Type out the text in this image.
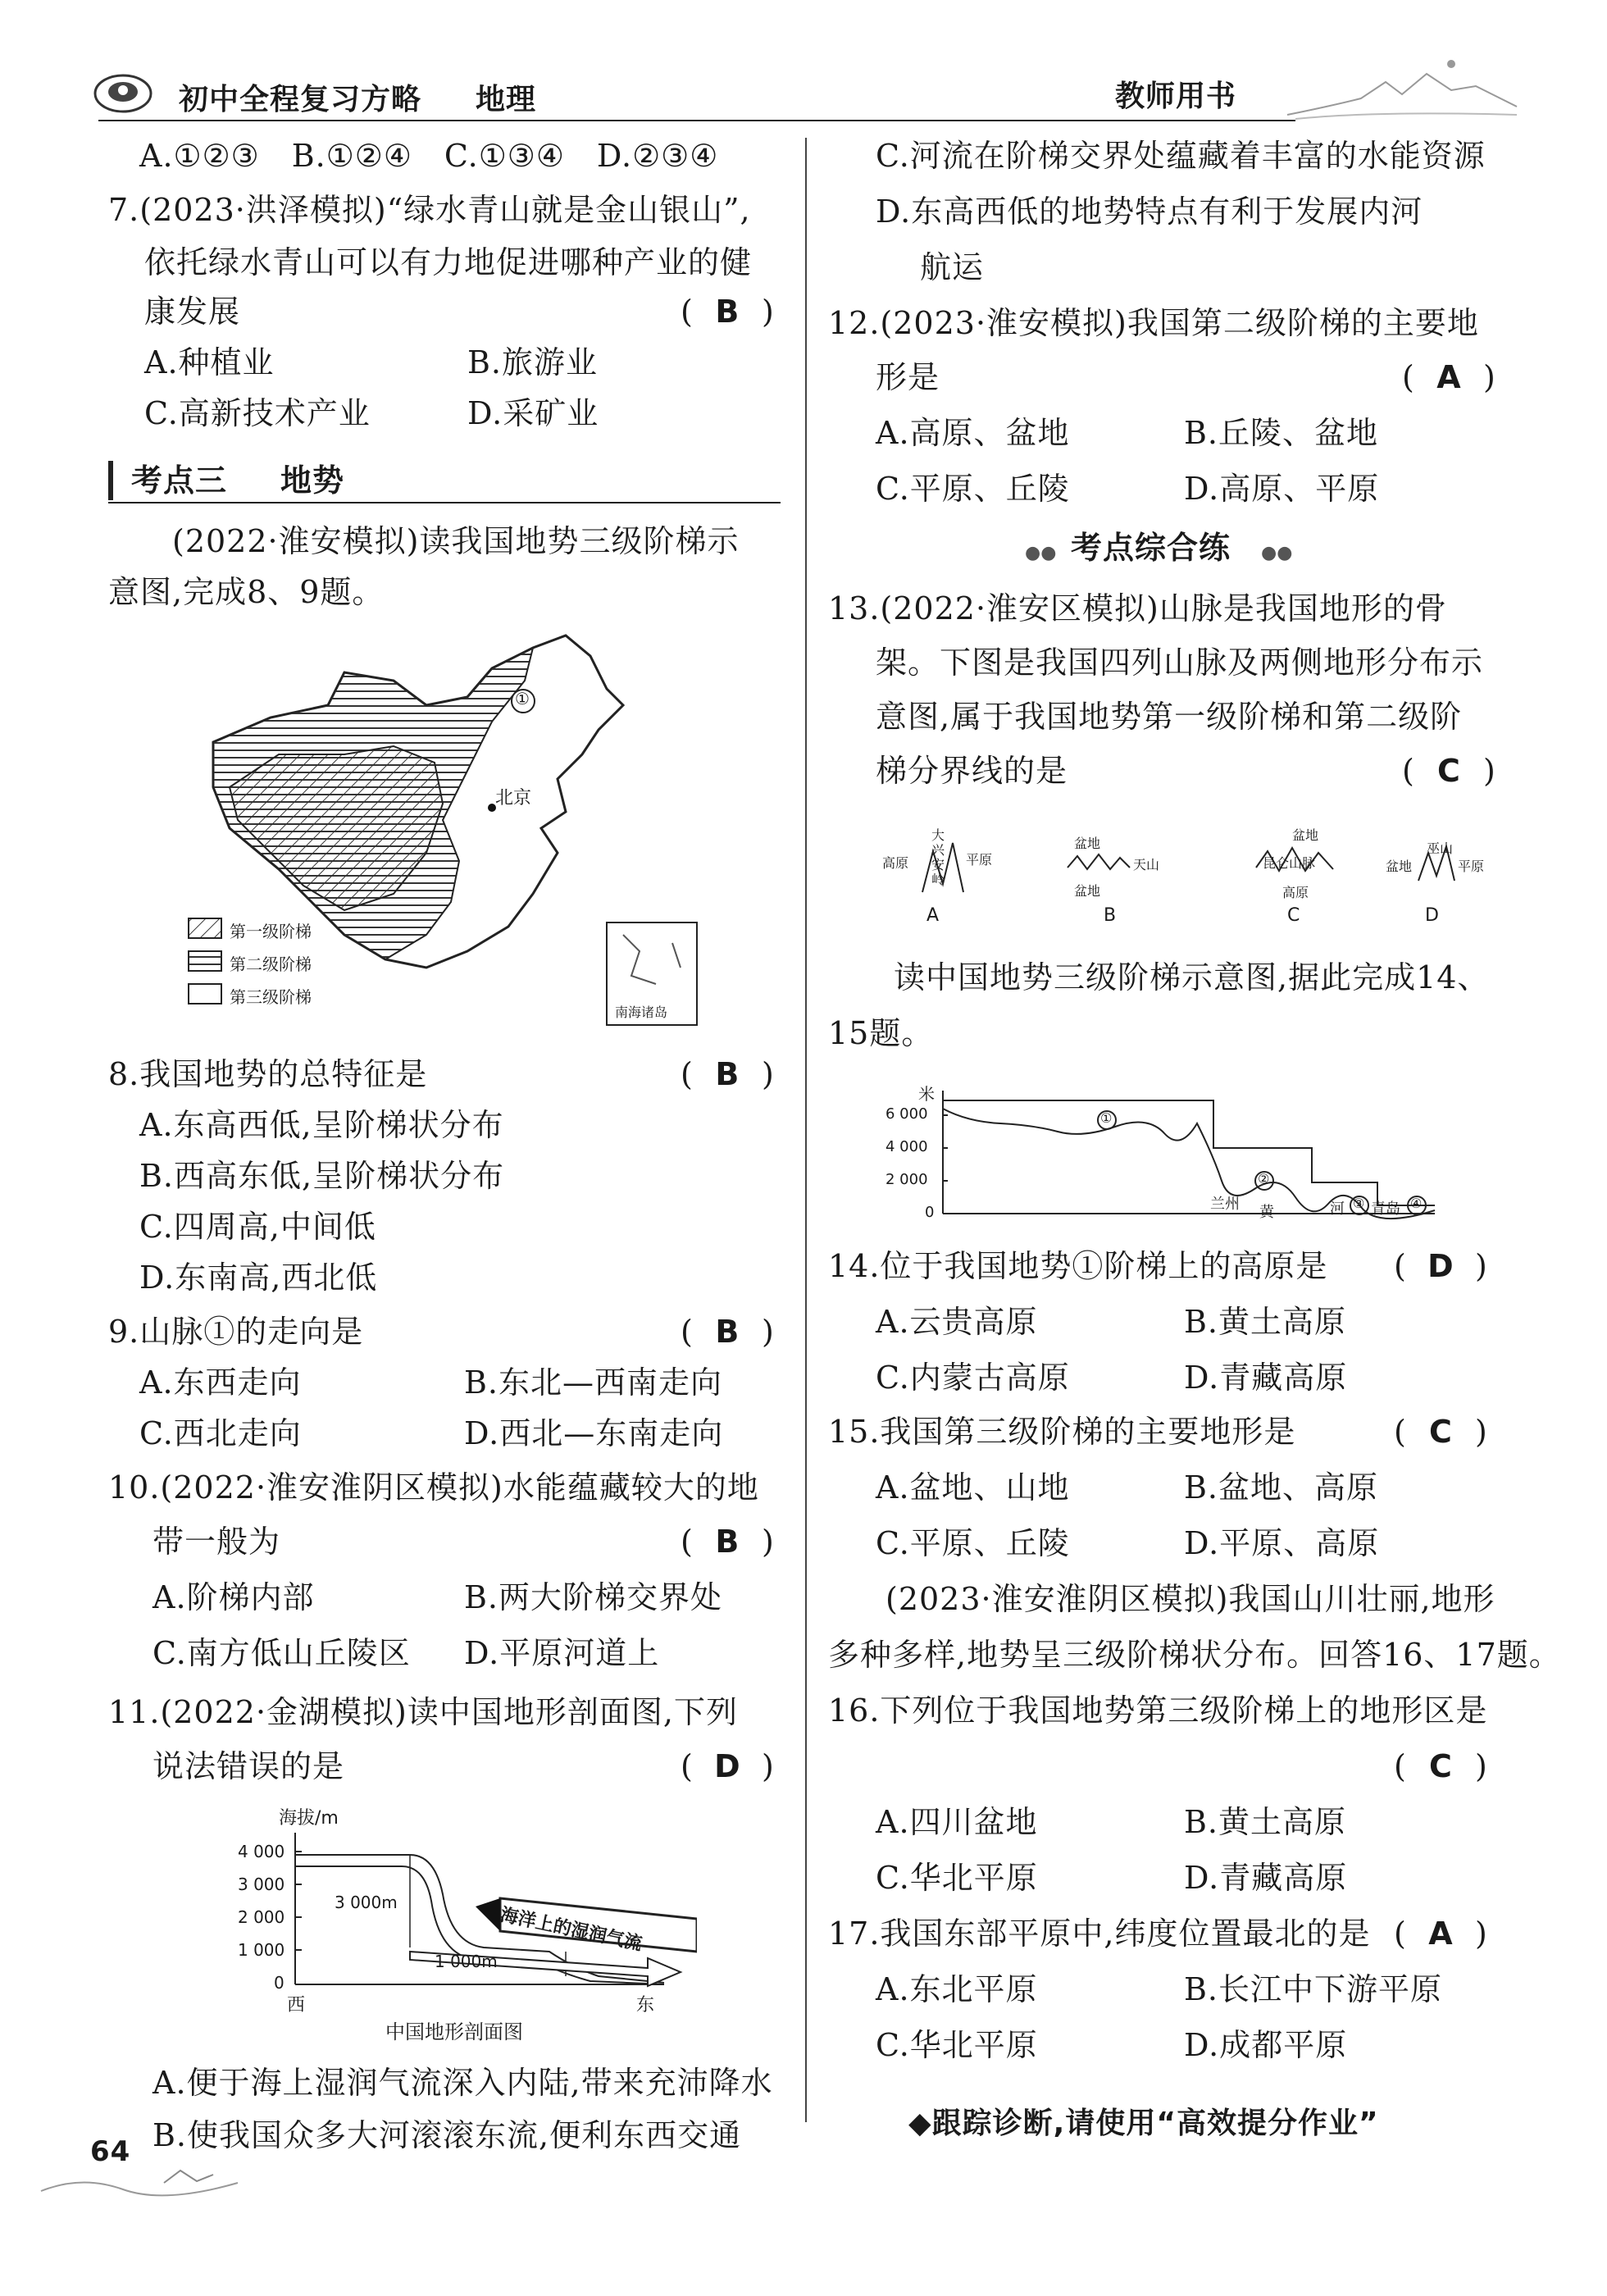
初中全程复习方略 地理	教师用书
A.①②③　B.①②④　C.①③④　D.②③④
7.(2023·洪泽模拟)“绿水青山就是金山银山”,
依托绿水青山可以有力地促进哪种产业的健
康发展	( B )
A.种植业	B.旅游业
C.高新技术产业	D.采矿业
考点三 地势
(2022·淮安模拟)读我国地势三级阶梯示
意图,完成8、9题。
①
北京
第一级阶梯
第二级阶梯
第三级阶梯
南海诸岛
8.我国地势的总特征是	( B )
A.东高西低,呈阶梯状分布
B.西高东低,呈阶梯状分布
C.四周高,中间低
D.东南高,西北低
9.山脉①的走向是	( B )
A.东西走向	B.东北—西南走向
C.西北走向	D.西北—东南走向
10.(2022·淮安淮阴区模拟)水能蕴藏较大的地
带一般为	( B )
A.阶梯内部	B.两大阶梯交界处
C.南方低山丘陵区 D.平原河道上
11.(2022·金湖模拟)读中国地形剖面图,下列
说法错误的是	( D )
海拔/m
4 000
3 000
2 000
1 000
0
3 000m
1 000m
西	东
中国地形剖面图
海洋上的湿润气流
A.便于海上湿润气流深入内陆,带来充沛降水
B.使我国众多大河滚滚东流,便利东西交通
64
C.河流在阶梯交界处蕴藏着丰富的水能资源
D.东高西低的地势特点有利于发展内河
航运
12.(2023·淮安模拟)我国第二级阶梯的主要地
形是	( A )
A.高原、盆地	B.丘陵、盆地
C.平原、丘陵	D.高原、平原
●● 考点综合练 ●●
13.(2022·淮安区模拟)山脉是我国地形的骨
架。下图是我国四列山脉及两侧地形分布示
意图,属于我国地势第一级阶梯和第二级阶
梯分界线的是	( C )
高原
大兴安岭
平原
A
盆地
天山
盆地
B
盆地
昆仑山脉
高原
C
盆地
巫山
平原
D
读中国地势三级阶梯示意图,据此完成14、
15题。
米
6 000
4 000
2 000
0
①
②
兰州 黄	河 ③ 青岛 ④
14.位于我国地势①阶梯上的高原是 ( D )
A.云贵高原	B.黄土高原
C.内蒙古高原	D.青藏高原
15.我国第三级阶梯的主要地形是	( C )
A.盆地、山地	B.盆地、高原
C.平原、丘陵	D.平原、高原
(2023·淮安淮阴区模拟)我国山川壮丽,地形
多种多样,地势呈三级阶梯状分布。回答16、17题。
16.下列位于我国地势第三级阶梯上的地形区是
( C )
A.四川盆地	B.黄土高原
C.华北平原	D.青藏高原
17.我国东部平原中,纬度位置最北的是 ( A )
A.东北平原	B.长江中下游平原
C.华北平原	D.成都平原
◆跟踪诊断,请使用“高效提分作业”
